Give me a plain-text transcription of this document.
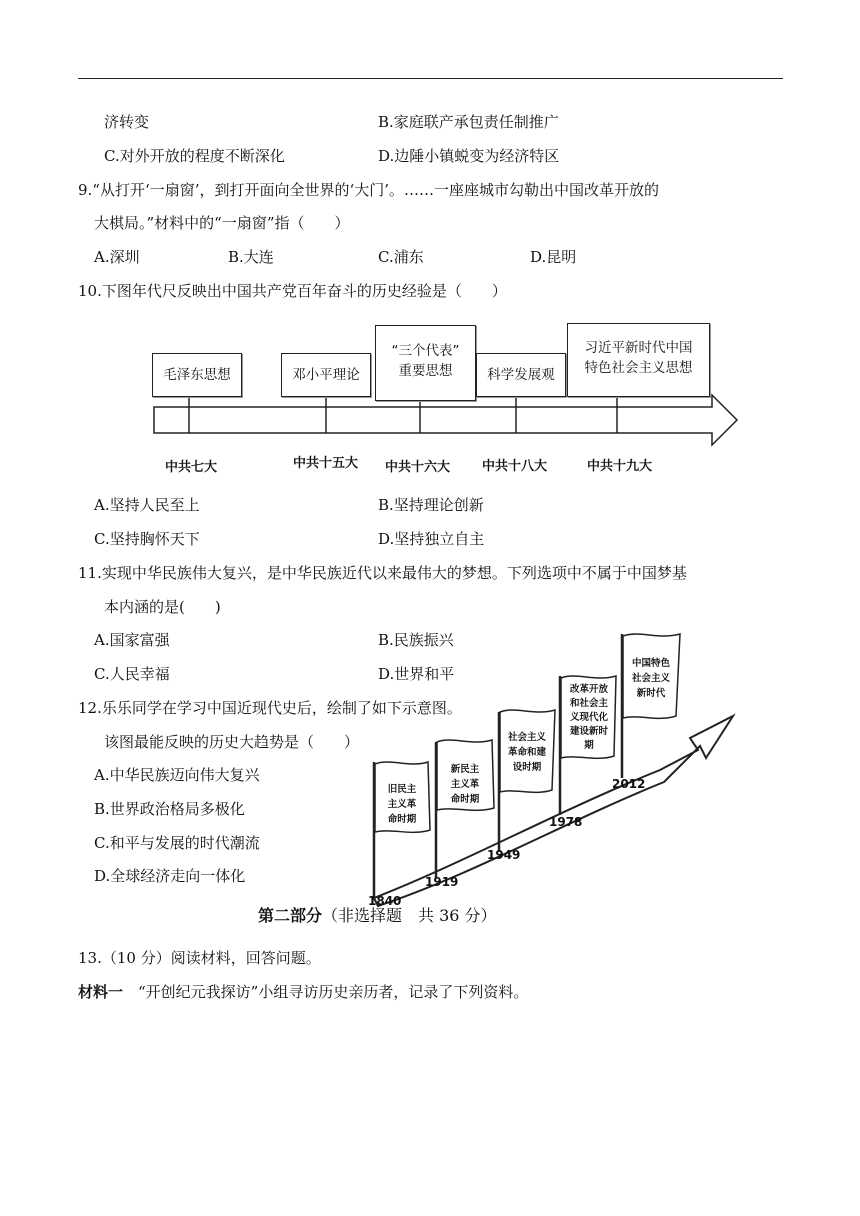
济转变	B.家庭联产承包责任制推广
C.对外开放的程度不断深化	D.边陲小镇蜕变为经济特区
9.“从打开‘一扇窗’，到打开面向全世界的‘大门’。……一座座城市勾勒出中国改革开放的
大棋局。”材料中的“一扇窗”指（　　）
A.深圳	B.大连	C.浦东	D.昆明
10.下图年代尺反映出中国共产党百年奋斗的历史经验是（　　）
毛泽东思想	邓小平理论
“三个代表”
重要思想	科学发展观
习近平新时代中国
特色社会主义思想
中共七大	中共十五大 中共十六大 中共十八大	中共十九大
A.坚持人民至上	B.坚持理论创新
C.坚持胸怀天下	D.坚持独立自主
11.实现中华民族伟大复兴，是中华民族近代以来最伟大的梦想。下列选项中不属于中国梦基
本内涵的是(　　)
A.国家富强	B.民族振兴
C.人民幸福	D.世界和平
12.乐乐同学在学习中国近现代史后，绘制了如下示意图。
该图最能反映的历史大趋势是（　　）
A.中华民族迈向伟大复兴
B.世界政治格局多极化
C.和平与发展的时代潮流
D.全球经济走向一体化
旧民主
主义革
命时期
新民主
主义革
命时期
社会主义
革命和建
设时期
改革开放
和社会主
义现代化
建设新时
期
中国特色
社会主义
新时代
1840
1919
1949
1978
2012
第二部分（非选择题　共 36 分）
13.（10 分）阅读材料，回答问题。
材料一　“开创纪元我探访”小组寻访历史亲历者，记录了下列资料。
